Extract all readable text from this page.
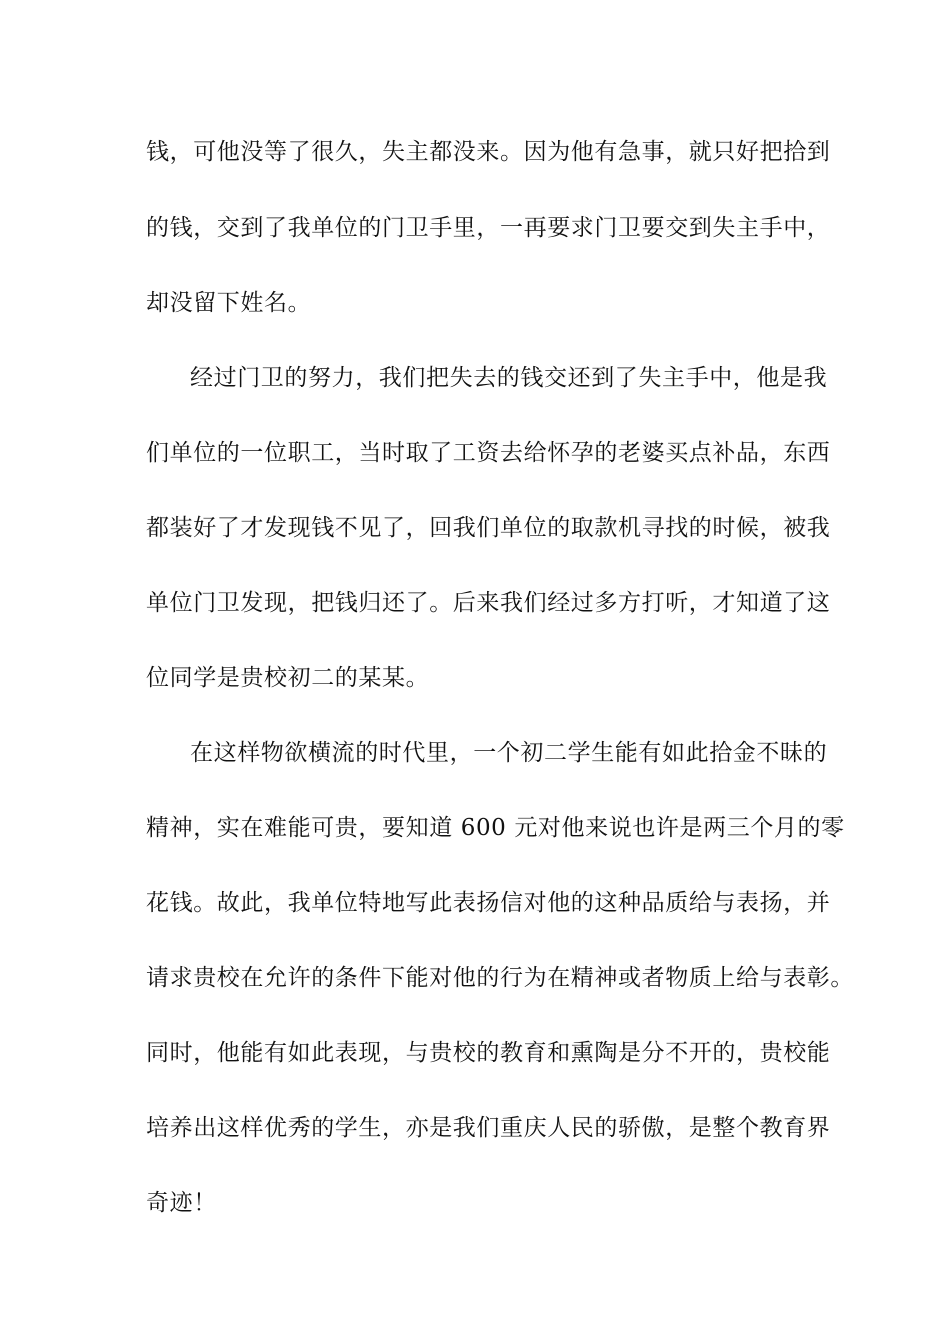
钱，可他没等了很久，失主都没来。因为他有急事，就只好把拾到
的钱，交到了我单位的门卫手里，一再要求门卫要交到失主手中，
却没留下姓名。
经过门卫的努力，我们把失去的钱交还到了失主手中，他是我
们单位的一位职工，当时取了工资去给怀孕的老婆买点补品，东西
都装好了才发现钱不见了，回我们单位的取款机寻找的时候，被我
单位门卫发现，把钱归还了。后来我们经过多方打听，才知道了这
位同学是贵校初二的某某。
在这样物欲横流的时代里，一个初二学生能有如此拾金不昧的
精神，实在难能可贵，要知道 600 元对他来说也许是两三个月的零
花钱。故此，我单位特地写此表扬信对他的这种品质给与表扬，并
请求贵校在允许的条件下能对他的行为在精神或者物质上给与表彰。
同时，他能有如此表现，与贵校的教育和熏陶是分不开的，贵校能
培养出这样优秀的学生，亦是我们重庆人民的骄傲，是整个教育界
奇迹！
